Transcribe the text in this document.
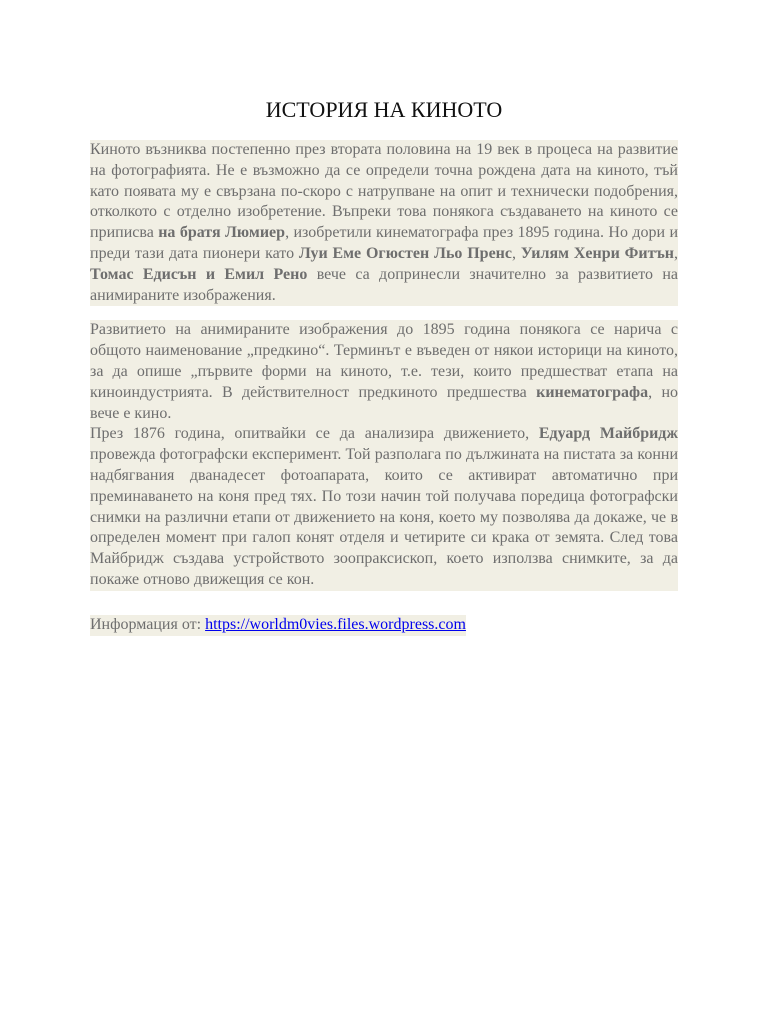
ИСТОРИЯ НА КИНОТО
Киното възниква постепенно през втората половина на 19 век в процеса на развитие на фотографията. Не е възможно да се определи точна рождена дата на киното, тъй като появата му е свързана по-скоро с натрупване на опит и технически подобрения, отколкото с отделно изобретение. Въпреки това понякога създаването на киното се приписва на братя Люмиер, изобретили кинематографа през 1895 година. Но дори и преди тази дата пионери като Луи Еме Огюстен Льо Пренс, Уилям Хенри Фитън, Томас Едисън и Емил Рено вече са допринесли значително за развитието на анимираните изображения.

Развитието на анимираните изображения до 1895 година понякога се нарича с общото наименование „предкино“. Терминът е въведен от някои историци на киното, за да опише „първите форми на киното, т.е. тези, които предшестват етапа на киноиндустрията. В действителност предкиното предшества кинематографа, но вече е кино.

През 1876 година, опитвайки се да анализира движението, Едуард Майбридж провежда фотографски експеримент. Той разполага по дължината на пистата за конни надбягвания дванадесет фотоапарата, които се активират автоматично при преминаването на коня пред тях. По този начин той получава поредица фотографски снимки на различни етапи от движението на коня, което му позволява да докаже, че в определен момент при галоп конят отделя и четирите си крака от земята. След това Майбридж създава устройството зоопраксископ, което използва снимките, за да покаже отново движещия се кон.

Информация от: https://worldm0vies.files.wordpress.com
